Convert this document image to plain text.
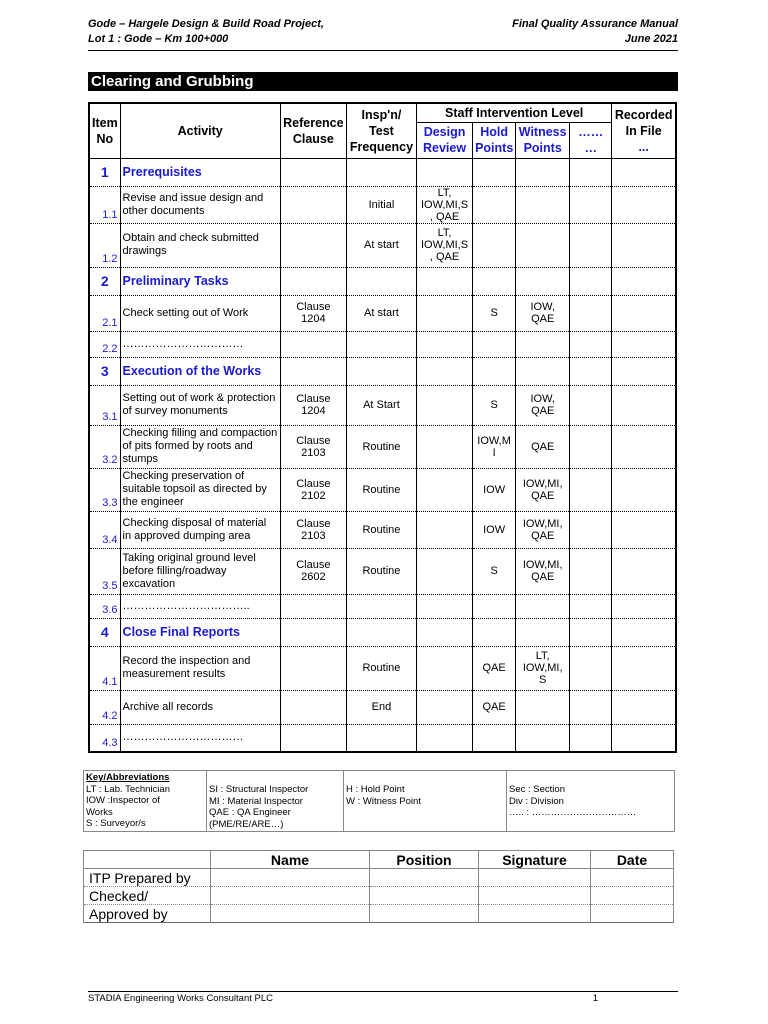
Gode – Hargele Design & Build Road Project,
Lot 1 : Gode – Km 100+000
Final Quality Assurance Manual
June 2021
Clearing and Grubbing
Item No	Activity	Reference Clause	Insp'n/ Test Frequency	Staff Intervention Level				Recorded In File
...

				Design Review	Hold Points	Witness Points	…… …	
1	Prerequisites							
1.1	Revise and issue design and other documents		Initial	LT, IOW,MI,S , QAE				
1.2	Obtain and check submitted drawings		At start	LT, IOW,MI,S , QAE				
2	Preliminary Tasks							
2.1	Check setting out of Work	Clause 1204	At start		S	IOW, QAE		
2.2	……………………………							
3	Execution of the Works							
3.1	Setting out of work & protection of survey monuments	Clause 1204	At Start		S	IOW, QAE		
3.2	Checking filling and compaction of pits formed by roots and stumps	Clause 2103	Routine		IOW,M I	QAE		
3.3	Checking preservation of suitable topsoil as directed by the engineer	Clause 2102	Routine		IOW	IOW,MI, QAE		
3.4	Checking disposal of material in approved dumping area	Clause 2103	Routine		IOW	IOW,MI, QAE		
3.5	Taking original ground level before filling/roadway excavation	Clause 2602	Routine		S	IOW,MI, QAE		
3.6	……………………………..							
4	Close Final Reports							
4.1	Record the inspection and measurement results		Routine		QAE	LT, IOW,MI, S		
4.2	Archive all records		End		QAE			
4.3	……………………………							
Key/Abbreviations
LT : Lab. Technician
IOW :Inspector of
Works
S : Surveyor/s

SI : Structural Inspector
MI : Material Inspector
QAE : QA Engineer
(PME/RE/ARE…)

H : Hold Point
W : Witness Point

Sec : Section
Div : Division
….. : ……………………………
	Name	Position	Signature	Date
ITP Prepared by				
Checked/				
Approved by				
STADIA Engineering Works Consultant PLC	1
